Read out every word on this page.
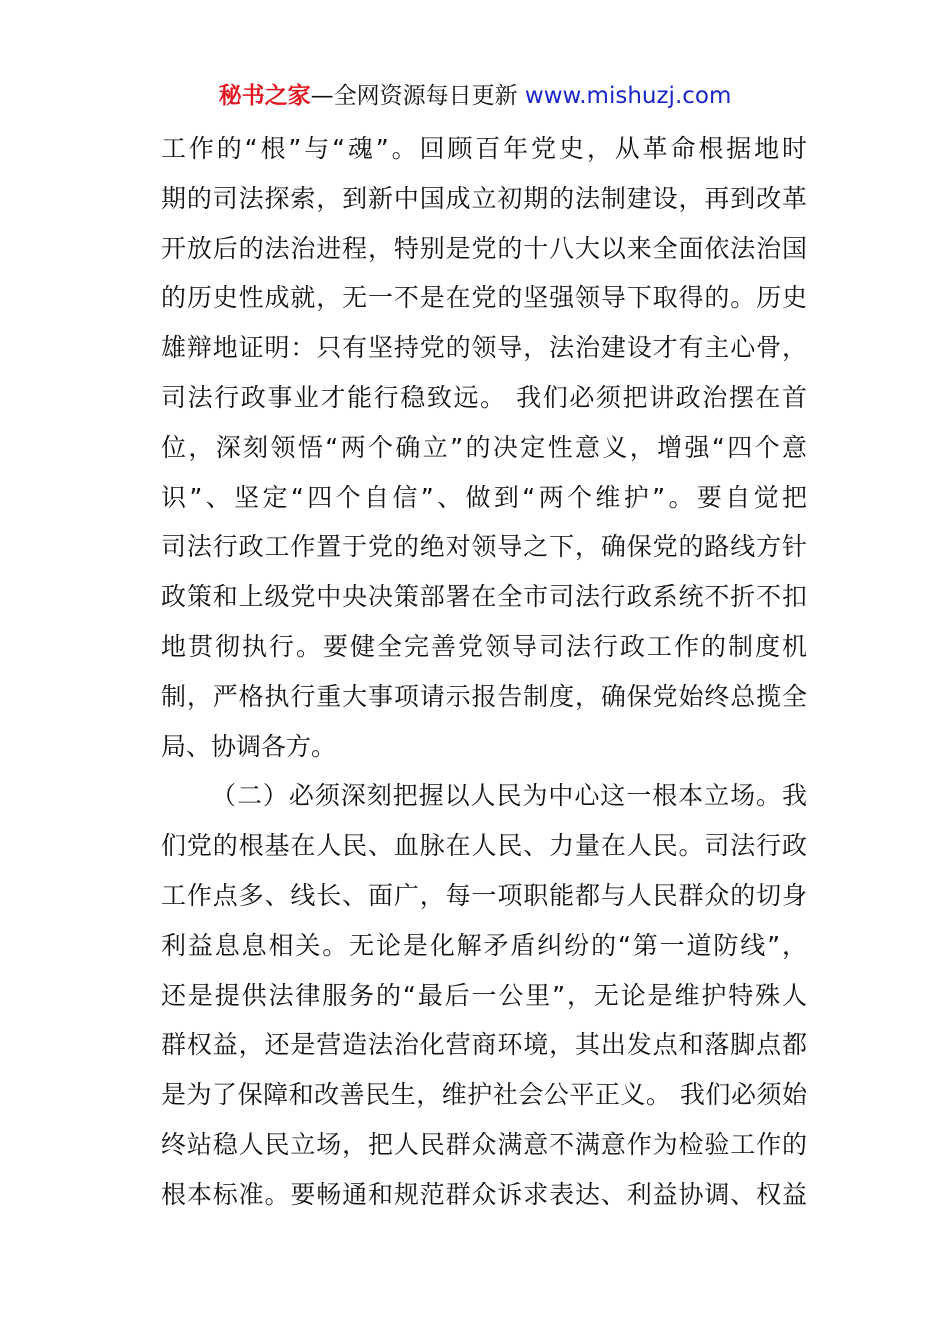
秘书之家—全网资源每日更新 www.mishuzj.com
工作的“根”与“魂”。回顾百年党史，从革命根据地时
期的司法探索，到新中国成立初期的法制建设，再到改革
开放后的法治进程，特别是党的十八大以来全面依法治国
的历史性成就，无一不是在党的坚强领导下取得的。历史
雄辩地证明：只有坚持党的领导，法治建设才有主心骨，
司法行政事业才能行稳致远。 我们必须把讲政治摆在首
位，深刻领悟“两个确立”的决定性意义，增强“四个意
识”、坚定“四个自信”、做到“两个维护”。要自觉把
司法行政工作置于党的绝对领导之下，确保党的路线方针
政策和上级党中央决策部署在全市司法行政系统不折不扣
地贯彻执行。要健全完善党领导司法行政工作的制度机
制，严格执行重大事项请示报告制度，确保党始终总揽全
局、协调各方。
（二）必须深刻把握以人民为中心这一根本立场。我
们党的根基在人民、血脉在人民、力量在人民。司法行政
工作点多、线长、面广，每一项职能都与人民群众的切身
利益息息相关。无论是化解矛盾纠纷的“第一道防线”，
还是提供法律服务的“最后一公里”，无论是维护特殊人
群权益，还是营造法治化营商环境，其出发点和落脚点都
是为了保障和改善民生，维护社会公平正义。 我们必须始
终站稳人民立场，把人民群众满意不满意作为检验工作的
根本标准。要畅通和规范群众诉求表达、利益协调、权益
